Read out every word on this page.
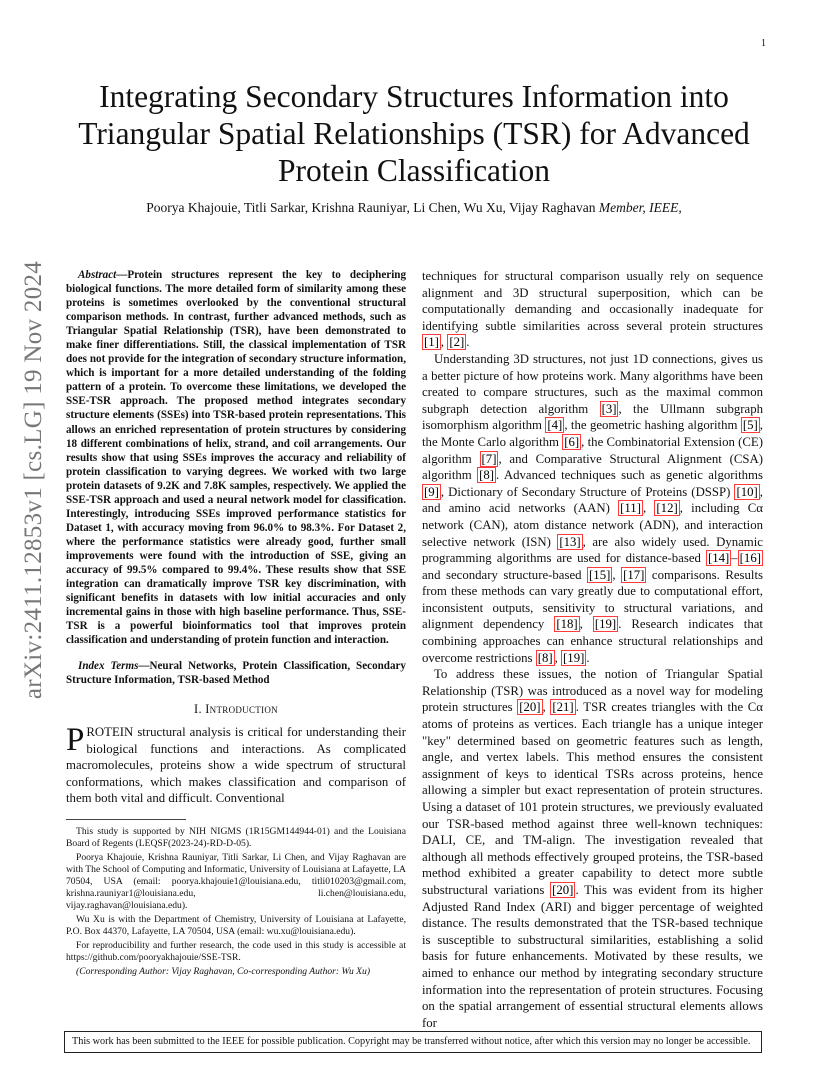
1
arXiv:2411.12853v1 [cs.LG] 19 Nov 2024
Integrating Secondary Structures Information into Triangular Spatial Relationships (TSR) for Advanced Protein Classification
Poorya Khajouie, Titli Sarkar, Krishna Rauniyar, Li Chen, Wu Xu, Vijay Raghavan Member, IEEE,

Abstract—Protein structures represent the key to deciphering biological functions. The more detailed form of similarity among these proteins is sometimes overlooked by the conventional structural comparison methods. In contrast, further advanced methods, such as Triangular Spatial Relationship (TSR), have been demonstrated to make finer differentiations. Still, the classical implementation of TSR does not provide for the integration of secondary structure information, which is important for a more detailed understanding of the folding pattern of a protein. To overcome these limitations, we developed the SSE-TSR approach. The proposed method integrates secondary structure elements (SSEs) into TSR-based protein representations. This allows an enriched representation of protein structures by considering 18 different combinations of helix, strand, and coil arrangements. Our results show that using SSEs improves the accuracy and reliability of protein classification to varying degrees. We worked with two large protein datasets of 9.2K and 7.8K samples, respectively. We applied the SSE-TSR approach and used a neural network model for classification. Interestingly, introducing SSEs improved performance statistics for Dataset 1, with accuracy moving from 96.0% to 98.3%. For Dataset 2, where the performance statistics were already good, further small improvements were found with the introduction of SSE, giving an accuracy of 99.5% compared to 99.4%. These results show that SSE integration can dramatically improve TSR key discrimination, with significant benefits in datasets with low initial accuracies and only incremental gains in those with high baseline performance. Thus, SSE-TSR is a powerful bioinformatics tool that improves protein classification and understanding of protein function and interaction.

Index Terms—Neural Networks, Protein Classification, Secondary Structure Information, TSR-based Method

I. Introduction

PROTEIN structural analysis is critical for understanding their biological functions and interactions. As complicated macromolecules, proteins show a wide spectrum of structural conformations, which makes classification and comparison of them both vital and difficult. Conventional

This study is supported by NIH NIGMS (1R15GM144944-01) and the Louisiana Board of Regents (LEQSF(2023-24)-RD-D-05).

Poorya Khajouie, Krishna Rauniyar, Titli Sarkar, Li Chen, and Vijay Raghavan are with The School of Computing and Informatic, University of Louisiana at Lafayette, LA 70504, USA (email: poorya.khajouie1@louisiana.edu, titli010203@gmail.com, krishna.rauniyar1@louisiana.edu, li.chen@louisiana.edu, vijay.raghavan@louisiana.edu).

Wu Xu is with the Department of Chemistry, University of Louisiana at Lafayette, P.O. Box 44370, Lafayette, LA 70504, USA (email: wu.xu@louisiana.edu).

For reproducibility and further research, the code used in this study is accessible at https://github.com/pooryakhajouie/SSE-TSR.

(Corresponding Author: Vijay Raghavan, Co-corresponding Author: Wu Xu)

techniques for structural comparison usually rely on sequence alignment and 3D structural superposition, which can be computationally demanding and occasionally inadequate for identifying subtle similarities across several protein structures [1] , [2] .

Understanding 3D structures, not just 1D connections, gives us a better picture of how proteins work. Many algorithms have been created to compare structures, such as the maximal common subgraph detection algorithm [3] , the Ullmann subgraph isomorphism algorithm [4] , the geometric hashing algorithm [5] , the Monte Carlo algorithm [6] , the Combinatorial Extension (CE) algorithm [7] , and Comparative Structural Alignment (CSA) algorithm [8] . Advanced techniques such as genetic algorithms [9] , Dictionary of Secondary Structure of Proteins (DSSP) [10] , and amino acid networks (AAN) [11] , [12] , including Cα network (CAN), atom distance network (ADN), and interaction selective network (ISN) [13] , are also widely used. Dynamic programming algorithms are used for distance-based [14] – [16] and secondary structure-based [15] , [17] comparisons. Results from these methods can vary greatly due to computational effort, inconsistent outputs, sensitivity to structural variations, and alignment dependency [18] , [19] . Research indicates that combining approaches can enhance structural relationships and overcome restrictions [8] , [19] .

To address these issues, the notion of Triangular Spatial Relationship (TSR) was introduced as a novel way for modeling protein structures [20] , [21] . TSR creates triangles with the Cα atoms of proteins as vertices. Each triangle has a unique integer "key" determined based on geometric features such as length, angle, and vertex labels. This method ensures the consistent assignment of keys to identical TSRs across proteins, hence allowing a simpler but exact representation of protein structures. Using a dataset of 101 protein structures, we previously evaluated our TSR-based method against three well-known techniques: DALI, CE, and TM-align. The investigation revealed that although all methods effectively grouped proteins, the TSR-based method exhibited a greater capability to detect more subtle substructural variations [20] . This was evident from its higher Adjusted Rand Index (ARI) and bigger percentage of weighted distance. The results demonstrated that the TSR-based technique is susceptible to substructural similarities, establishing a solid basis for future enhancements. Motivated by these results, we aimed to enhance our method by integrating secondary structure information into the representation of protein structures. Focusing on the spatial arrangement of essential structural elements allows for

This work has been submitted to the IEEE for possible publication. Copyright may be transferred without notice, after which this version may no longer be accessible.
